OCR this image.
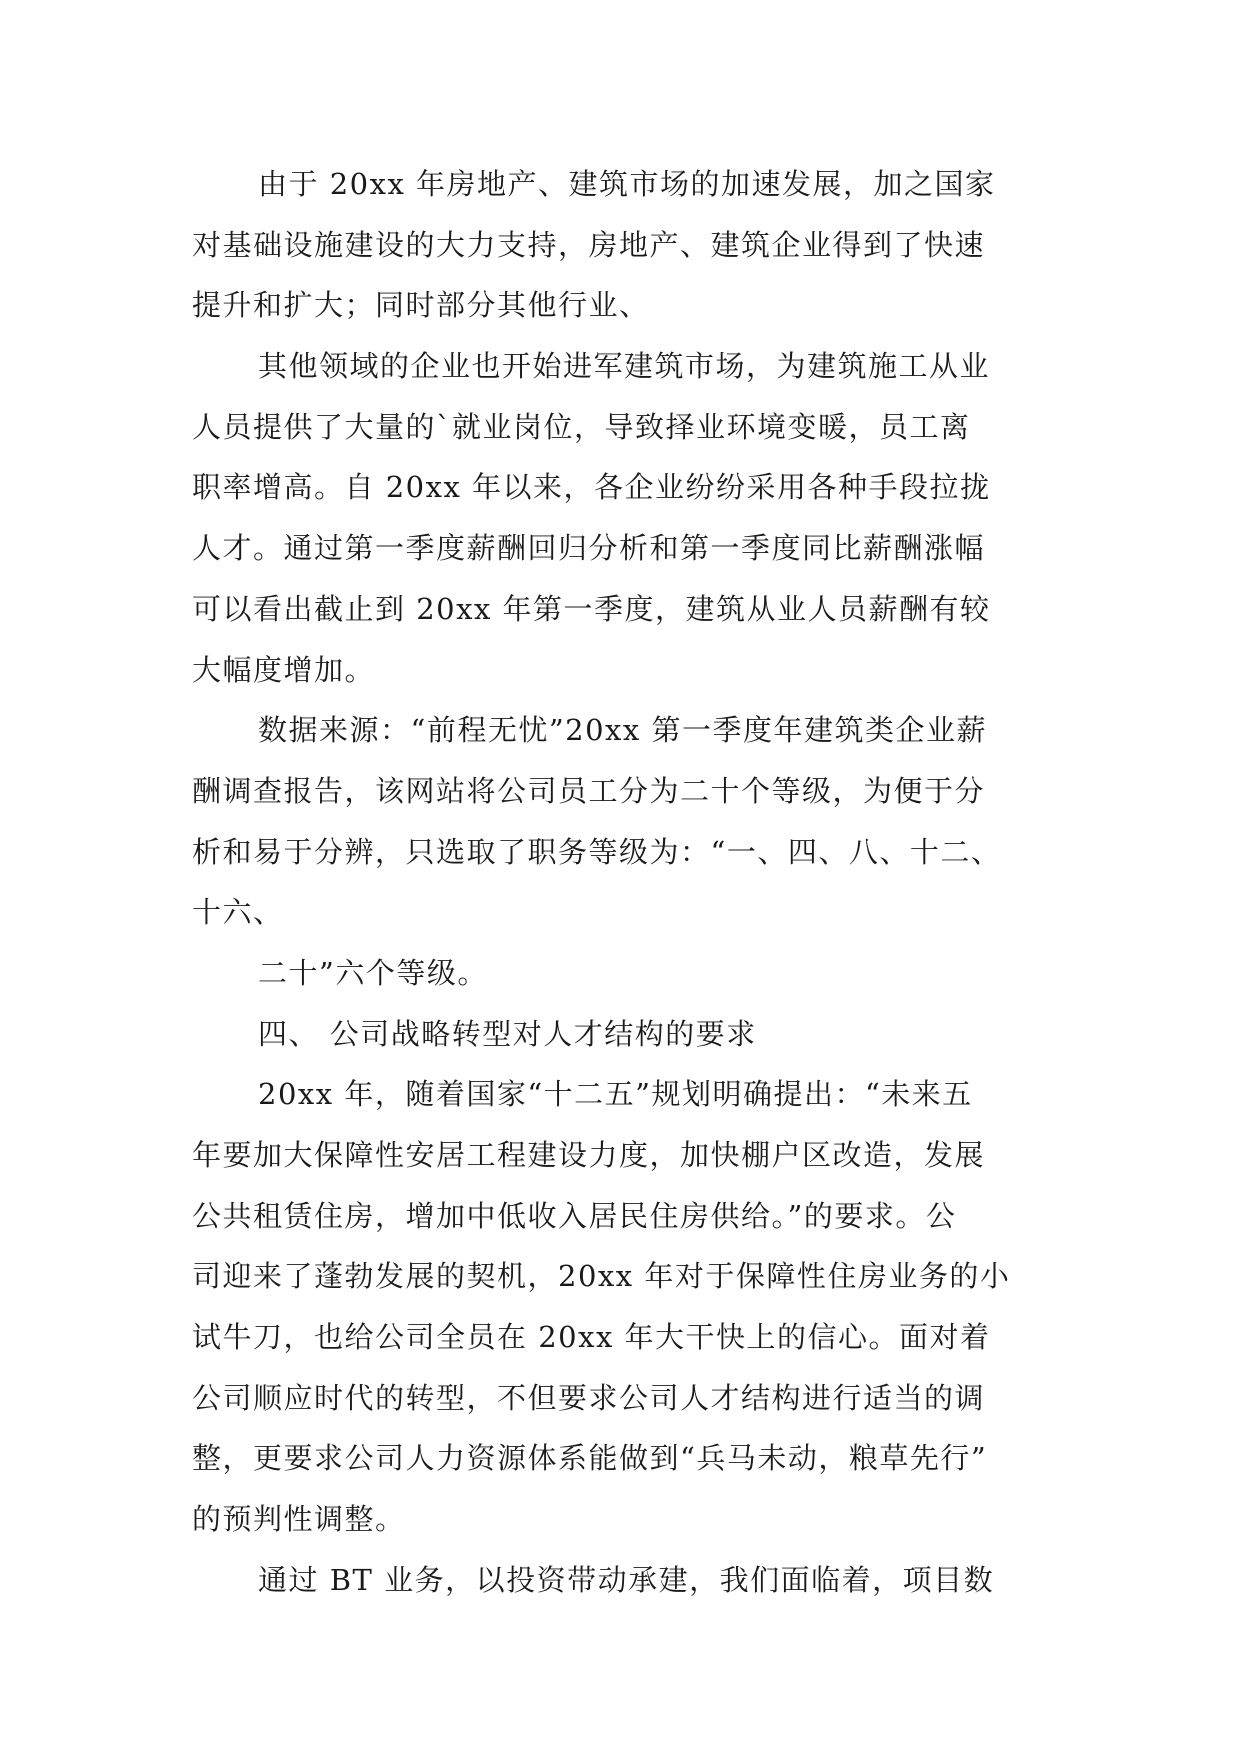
由于 20xx 年房地产、建筑市场的加速发展，加之国家
对基础设施建设的大力支持，房地产、建筑企业得到了快速
提升和扩大；同时部分其他行业、
其他领域的企业也开始进军建筑市场，为建筑施工从业
人员提供了大量的`就业岗位，导致择业环境变暖，员工离
职率增高。自 20xx 年以来，各企业纷纷采用各种手段拉拢
人才。通过第一季度薪酬回归分析和第一季度同比薪酬涨幅
可以看出截止到 20xx 年第一季度，建筑从业人员薪酬有较
大幅度增加。
数据来源：“前程无忧”20xx 第一季度年建筑类企业薪
酬调查报告，该网站将公司员工分为二十个等级，为便于分
析和易于分辨，只选取了职务等级为：“一、四、八、十二、
十六、
二十”六个等级。
四、 公司战略转型对人才结构的要求
20xx 年，随着国家“十二五”规划明确提出：“未来五
年要加大保障性安居工程建设力度，加快棚户区改造，发展
公共租赁住房，增加中低收入居民住房供给。”的要求。公
司迎来了蓬勃发展的契机，20xx 年对于保障性住房业务的小
试牛刀，也给公司全员在 20xx 年大干快上的信心。面对着
公司顺应时代的转型，不但要求公司人才结构进行适当的调
整，更要求公司人力资源体系能做到“兵马未动，粮草先行”
的预判性调整。
通过 BT 业务，以投资带动承建，我们面临着，项目数
